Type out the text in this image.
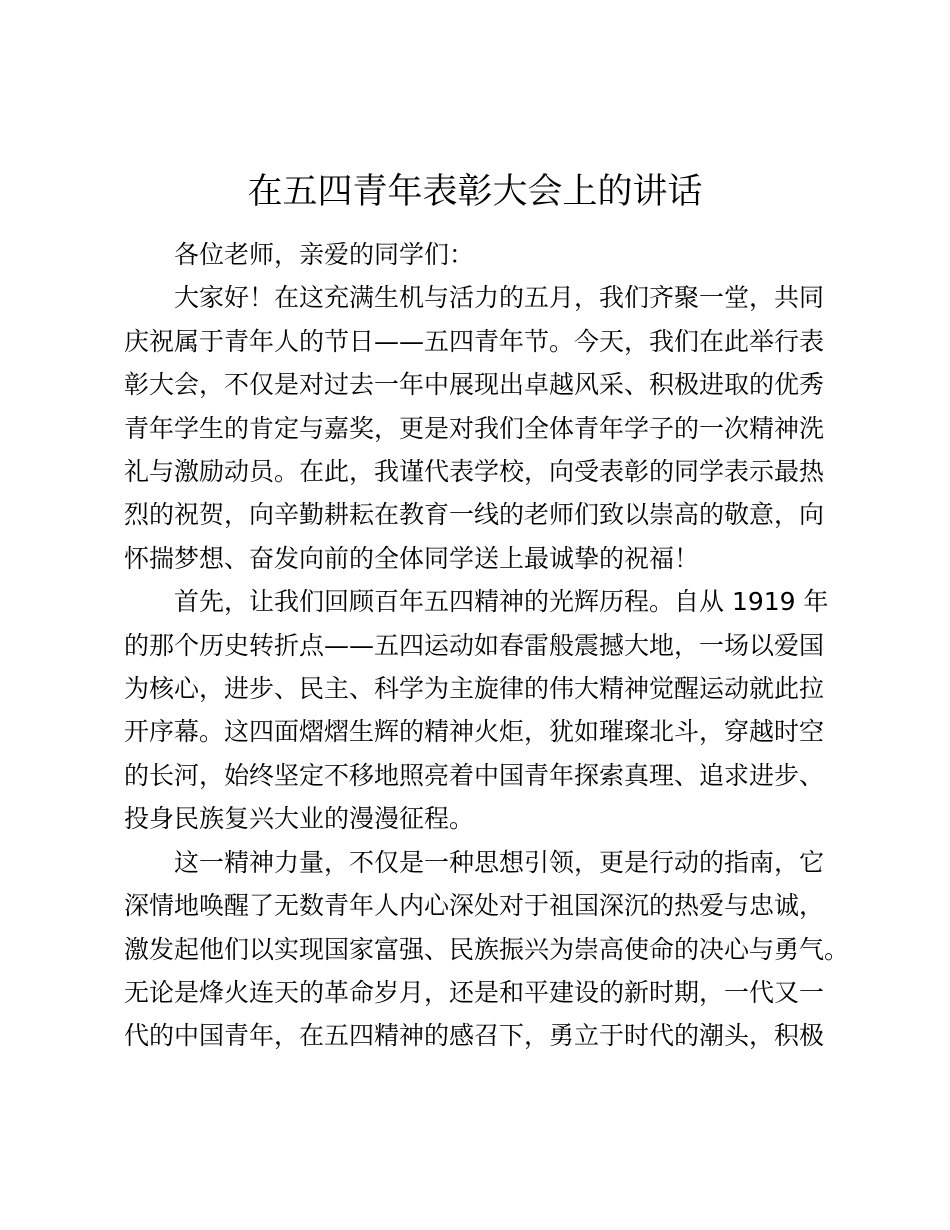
在五四青年表彰大会上的讲话
各位老师，亲爱的同学们：
大家好！在这充满生机与活力的五月，我们齐聚一堂，共同
庆祝属于青年人的节日——五四青年节。今天，我们在此举行表
彰大会，不仅是对过去一年中展现出卓越风采、积极进取的优秀
青年学生的肯定与嘉奖，更是对我们全体青年学子的一次精神洗
礼与激励动员。在此，我谨代表学校，向受表彰的同学表示最热
烈的祝贺，向辛勤耕耘在教育一线的老师们致以崇高的敬意，向
怀揣梦想、奋发向前的全体同学送上最诚挚的祝福！
首先，让我们回顾百年五四精神的光辉历程。自从 1919 年
的那个历史转折点——五四运动如春雷般震撼大地，一场以爱国
为核心，进步、民主、科学为主旋律的伟大精神觉醒运动就此拉
开序幕。这四面熠熠生辉的精神火炬，犹如璀璨北斗，穿越时空
的长河，始终坚定不移地照亮着中国青年探索真理、追求进步、
投身民族复兴大业的漫漫征程。
这一精神力量，不仅是一种思想引领，更是行动的指南，它
深情地唤醒了无数青年人内心深处对于祖国深沉的热爱与忠诚，
激发起他们以实现国家富强、民族振兴为崇高使命的决心与勇气。
无论是烽火连天的革命岁月，还是和平建设的新时期，一代又一
代的中国青年，在五四精神的感召下，勇立于时代的潮头，积极
